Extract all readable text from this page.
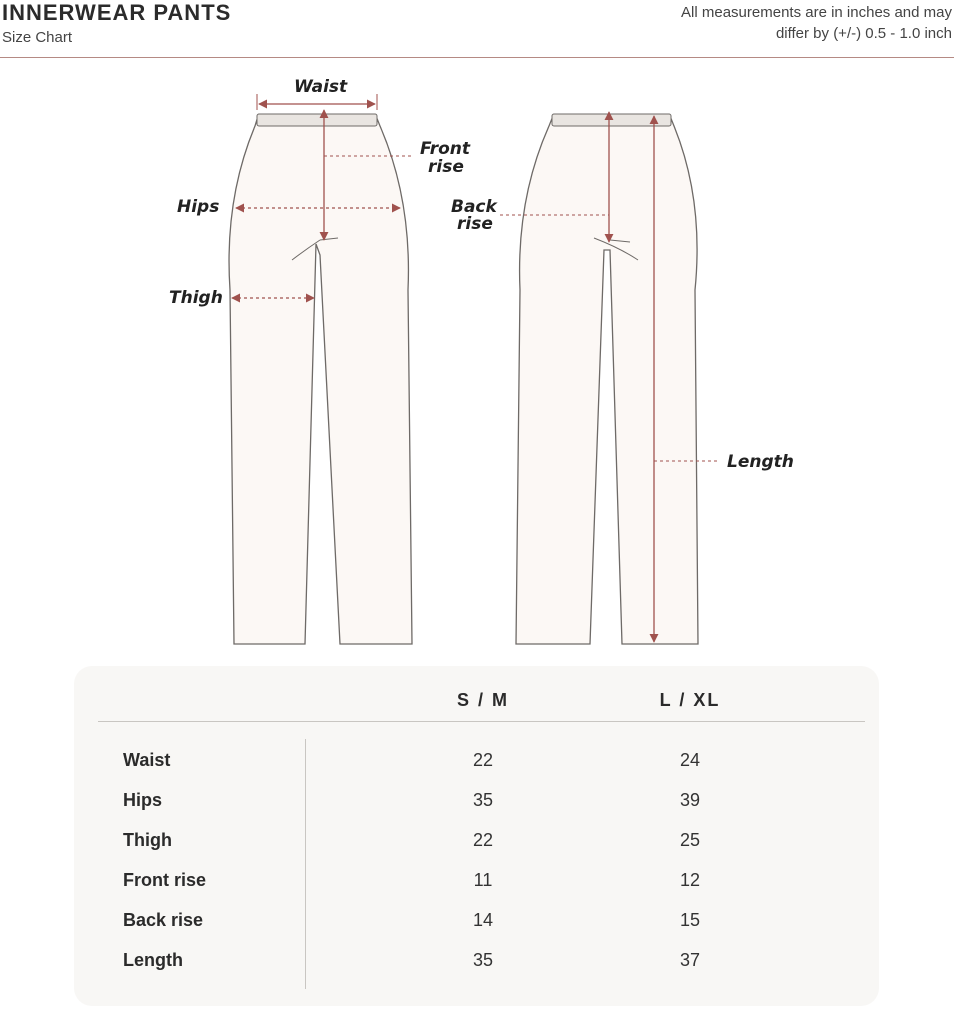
INNERWEAR PANTS
Size Chart
All measurements are in inches and may differ by (+/-) 0.5 - 1.0 inch
Waist
Front
rise
Hips
Thigh
Back
rise
Length
S / M	L / XL
Waist	22	24
Hips	35	39
Thigh	22	25
Front rise	11	12
Back rise	14	15
Length	35	37
